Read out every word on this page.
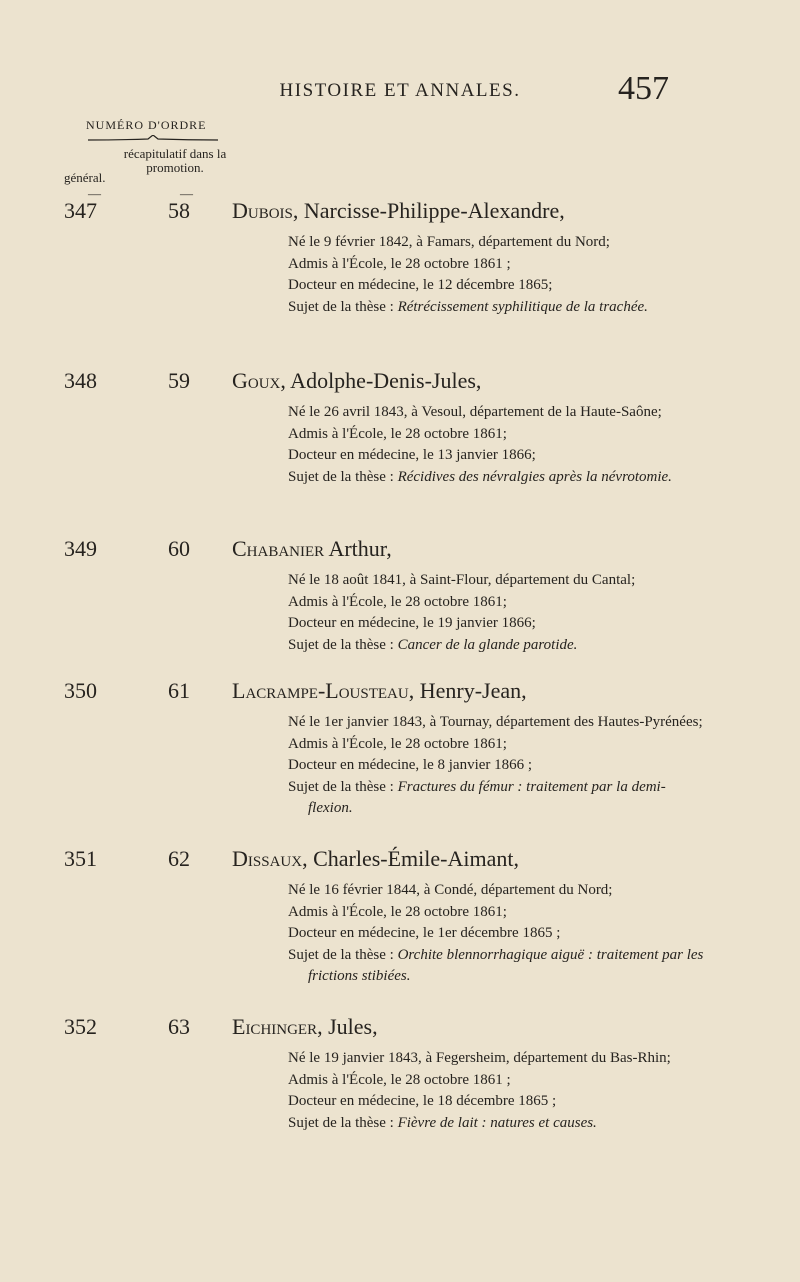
HISTOIRE ET ANNALES.	457
NUMÉRO D'ORDRE
général.
récapitulatif dans la promotion.
—	—
347	58 Dubois, Narcisse-Philippe-Alexandre,
Né le 9 février 1842, à Famars, département du Nord;
Admis à l'École, le 28 octobre 1861 ;
Docteur en médecine, le 12 décembre 1865;
Sujet de la thèse : Rétrécissement syphilitique de la trachée.
348	59 Goux, Adolphe-Denis-Jules,
Né le 26 avril 1843, à Vesoul, département de la Haute-Saône;
Admis à l'École, le 28 octobre 1861;
Docteur en médecine, le 13 janvier 1866;
Sujet de la thèse : Récidives des névralgies après la névrotomie.
349	60 Chabanier Arthur,
Né le 18 août 1841, à Saint-Flour, département du Cantal;
Admis à l'École, le 28 octobre 1861;
Docteur en médecine, le 19 janvier 1866;
Sujet de la thèse : Cancer de la glande parotide.
350	61 Lacrampe-Lousteau, Henry-Jean,
Né le 1er janvier 1843, à Tournay, département des Hautes-Pyrénées;
Admis à l'École, le 28 octobre 1861;
Docteur en médecine, le 8 janvier 1866 ;
Sujet de la thèse : Fractures du fémur : traitement par la demi-flexion.
351	62 Dissaux, Charles-Émile-Aimant,
Né le 16 février 1844, à Condé, département du Nord;
Admis à l'École, le 28 octobre 1861;
Docteur en médecine, le 1er décembre 1865 ;
Sujet de la thèse : Orchite blennorrhagique aiguë : traitement par les frictions stibiées.
352	63 Eichinger, Jules,
Né le 19 janvier 1843, à Fegersheim, département du Bas-Rhin;
Admis à l'École, le 28 octobre 1861 ;
Docteur en médecine, le 18 décembre 1865 ;
Sujet de la thèse : Fièvre de lait : natures et causes.
